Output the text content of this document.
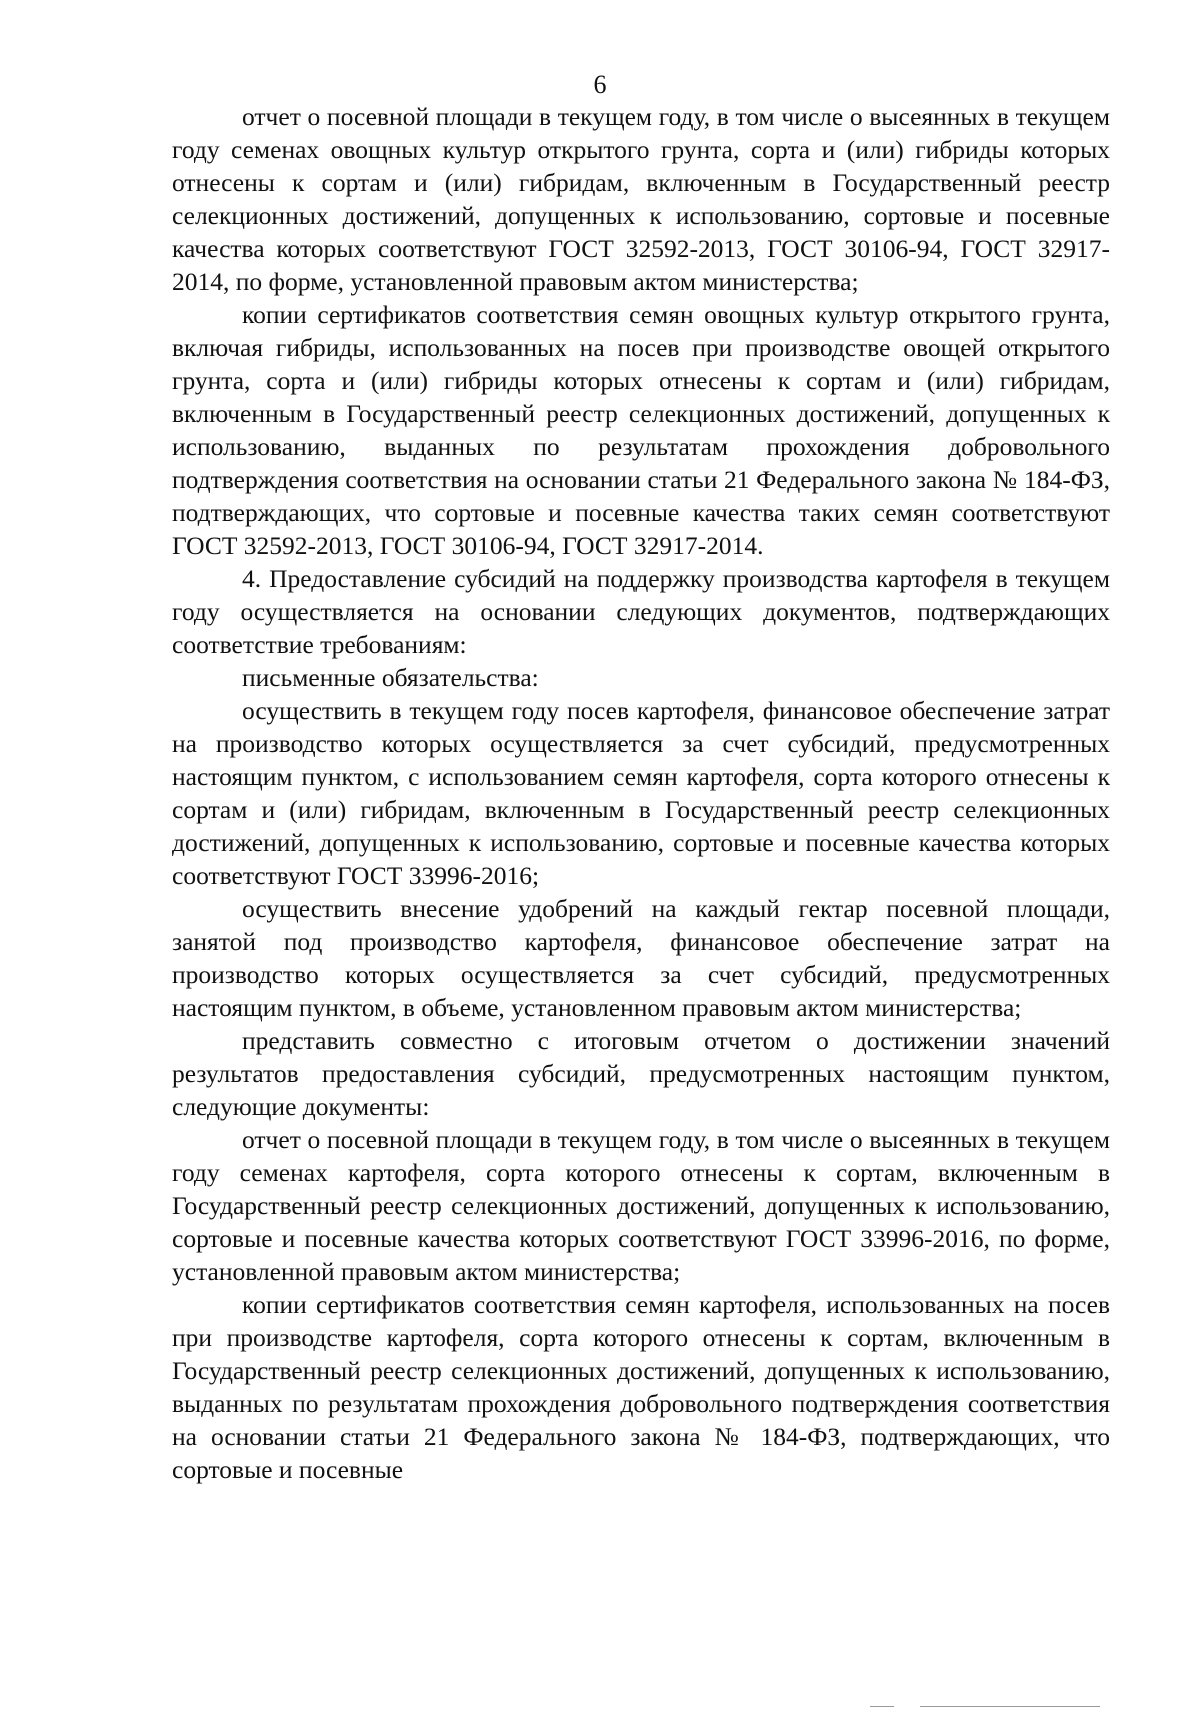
6

отчет о посевной площади в текущем году, в том числе о высеянных в текущем году семенах овощных культур открытого грунта, сорта и (или) гибриды которых отнесены к сортам и (или) гибридам, включенным в Государственный реестр селекционных достижений, допущенных к использованию, сортовые и посевные качества которых соответствуют ГОСТ 32592-2013, ГОСТ 30106-94, ГОСТ 32917-2014, по форме, установленной правовым актом министерства;

копии сертификатов соответствия семян овощных культур открытого грунта, включая гибриды, использованных на посев при производстве овощей открытого грунта, сорта и (или) гибриды которых отнесены к сортам и (или) гибридам, включенным в Государственный реестр селекционных достижений, допущенных к использованию, выданных по результатам прохождения добровольного подтверждения соответствия на основании статьи 21 Федерального закона № 184-ФЗ, подтверждающих, что сортовые и посевные качества таких семян соответствуют ГОСТ 32592-2013, ГОСТ 30106-94, ГОСТ 32917-2014.

4. Предоставление субсидий на поддержку производства картофеля в текущем году осуществляется на основании следующих документов, подтверждающих соответствие требованиям:

письменные обязательства:

осуществить в текущем году посев картофеля, финансовое обеспечение затрат на производство которых осуществляется за счет субсидий, предусмотренных настоящим пунктом, с использованием семян картофеля, сорта которого отнесены к сортам и (или) гибридам, включенным в Государственный реестр селекционных достижений, допущенных к использованию, сортовые и посевные качества которых соответствуют ГОСТ 33996-2016;

осуществить внесение удобрений на каждый гектар посевной площади, занятой под производство картофеля, финансовое обеспечение затрат на производство которых осуществляется за счет субсидий, предусмотренных настоящим пунктом, в объеме, установленном правовым актом министерства;

представить совместно с итоговым отчетом о достижении значений результатов предоставления субсидий, предусмотренных настоящим пунктом, следующие документы:

отчет о посевной площади в текущем году, в том числе о высеянных в текущем году семенах картофеля, сорта которого отнесены к сортам, включенным в Государственный реестр селекционных достижений, допущенных к использованию, сортовые и посевные качества которых соответствуют ГОСТ 33996-2016, по форме, установленной правовым актом министерства;

копии сертификатов соответствия семян картофеля, использованных на посев при производстве картофеля, сорта которого отнесены к сортам, включенным в Государственный реестр селекционных достижений, допущенных к использованию, выданных по результатам прохождения добровольного подтверждения соответствия на основании статьи 21 Федерального закона № 184-ФЗ, подтверждающих, что сортовые и посевные
